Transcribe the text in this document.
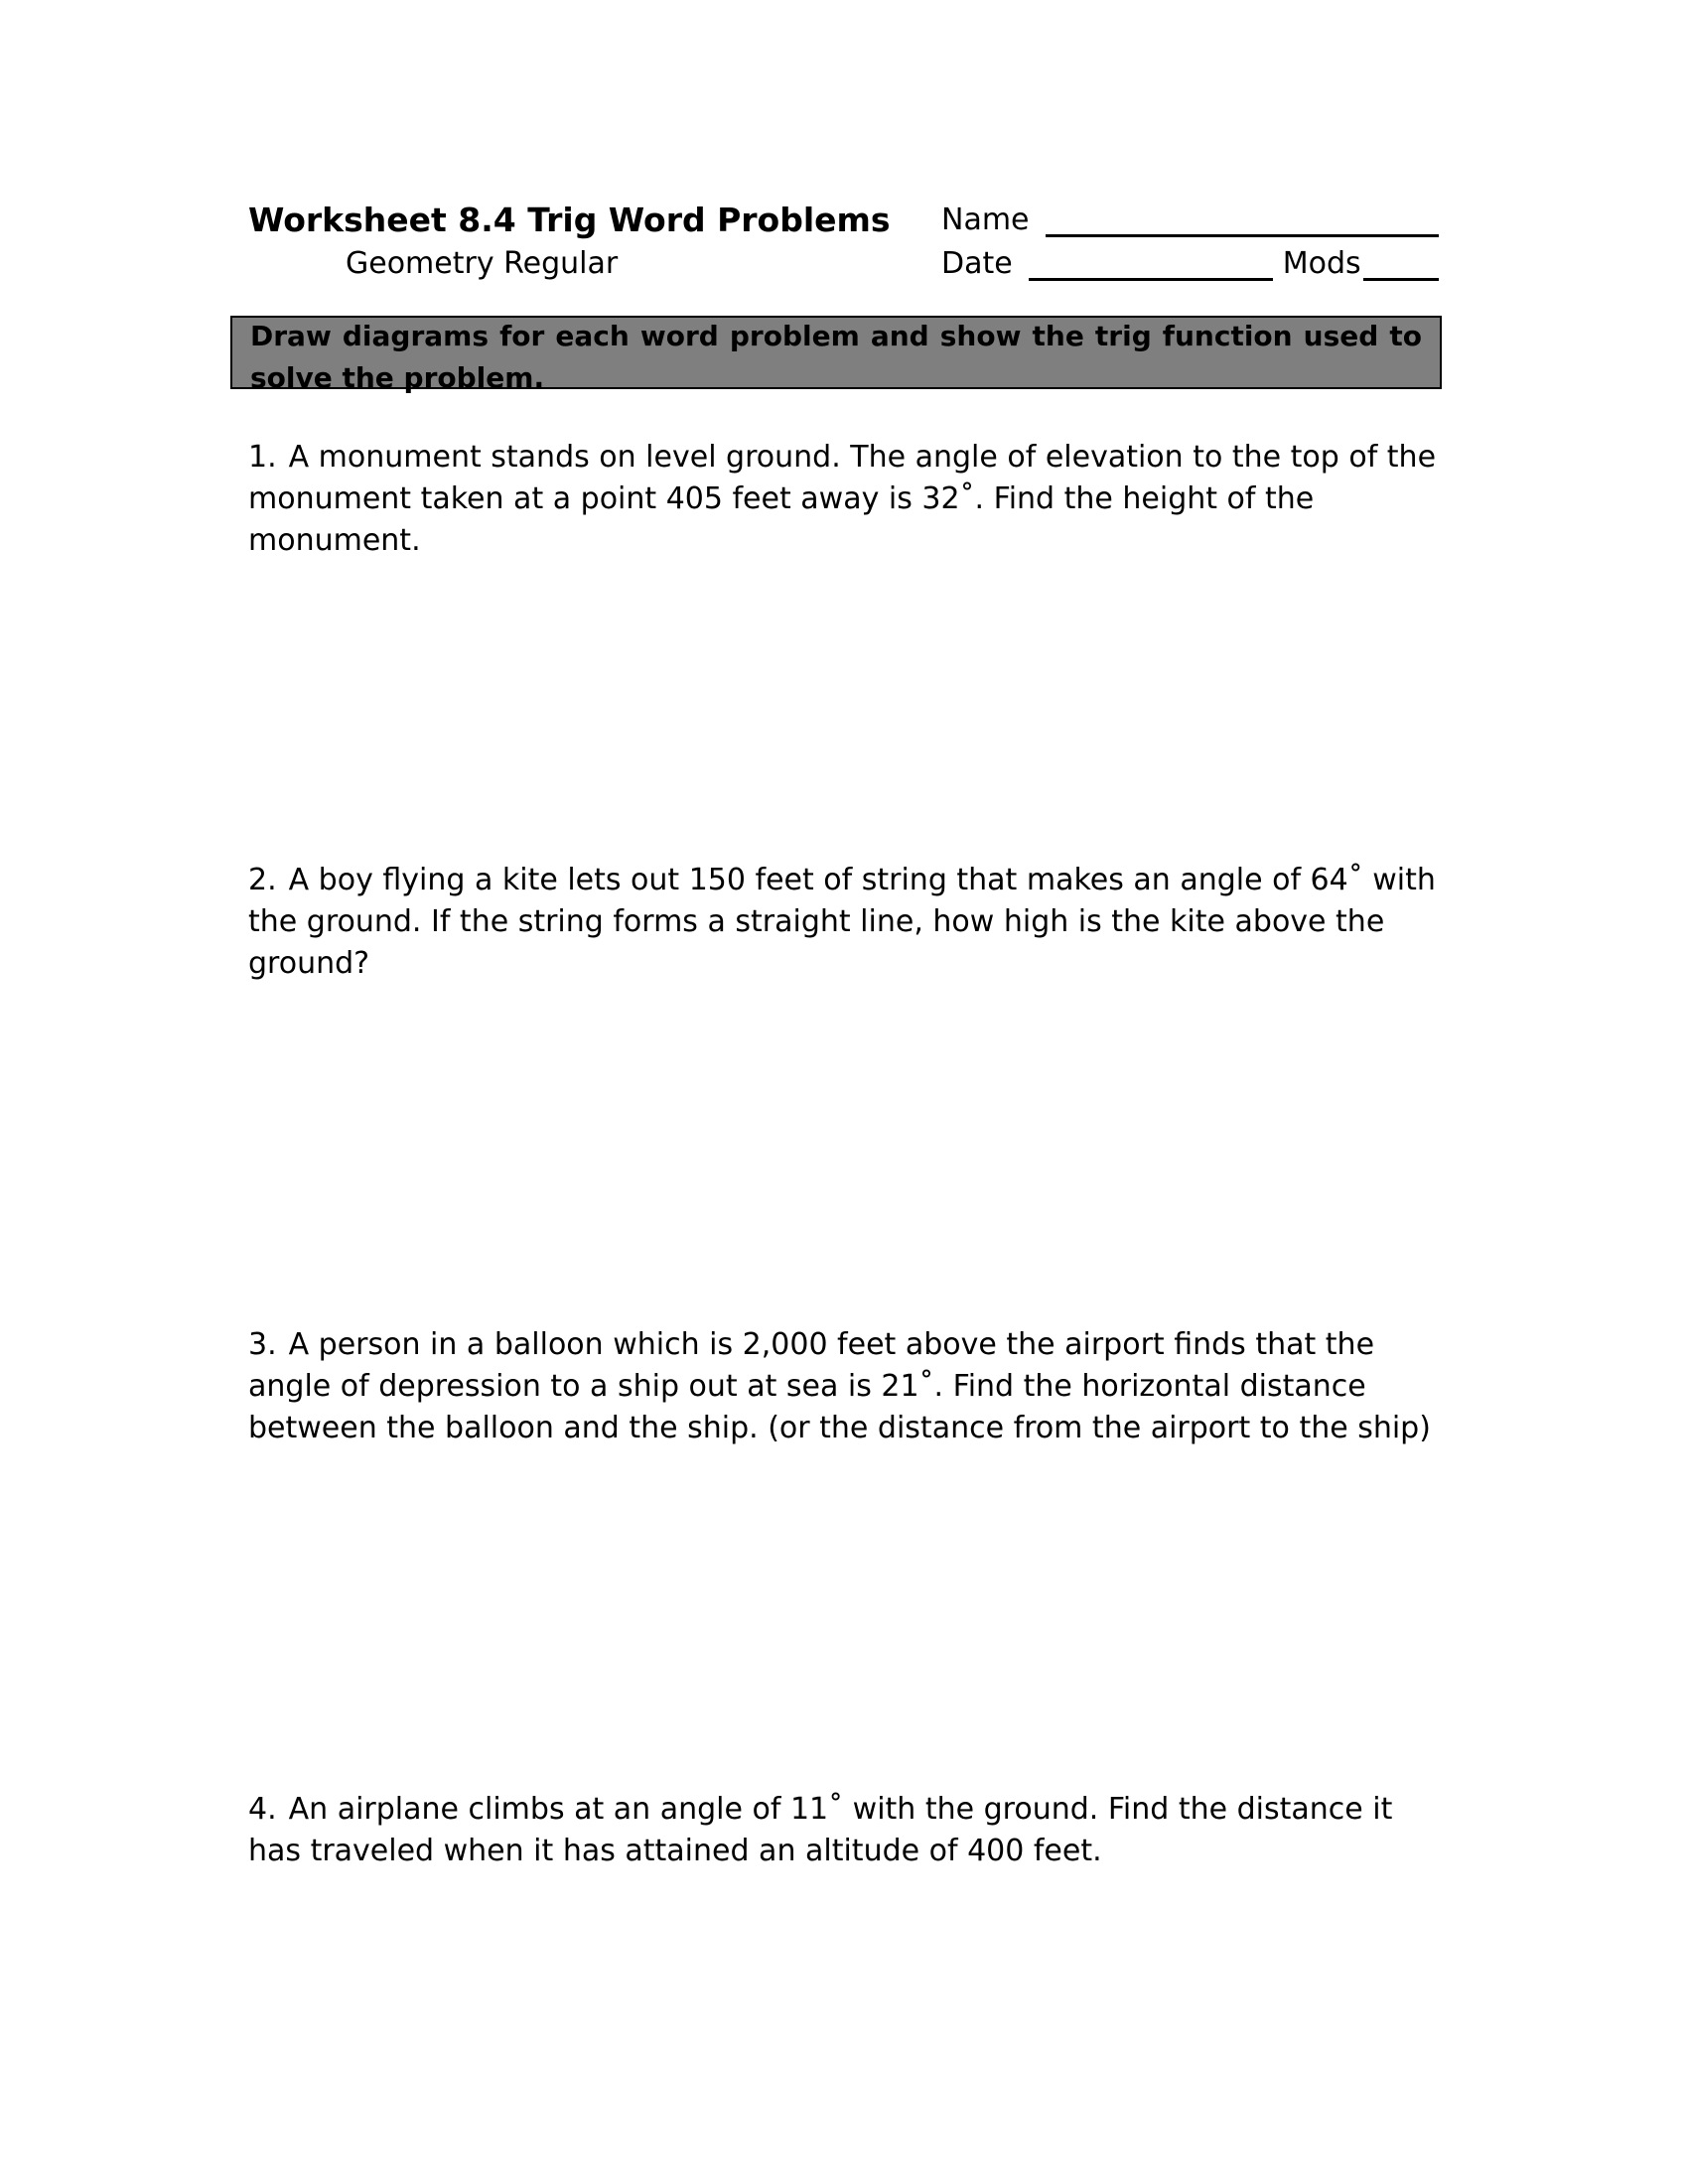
Worksheet 8.4 Trig Word Problems
Geometry Regular
Name
Date	Mods
Draw diagrams for each word problem and show the trig function used to solve the problem.
1. A monument stands on level ground. The angle of elevation to the top of the monument taken at a point 405 feet away is 32˚. Find the height of the monument.
2. A boy flying a kite lets out 150 feet of string that makes an angle of 64˚ with the ground. If the string forms a straight line, how high is the kite above the ground?
3. A person in a balloon which is 2,000 feet above the airport finds that the angle of depression to a ship out at sea is 21˚. Find the horizontal distance between the balloon and the ship. (or the distance from the airport to the ship)
4. An airplane climbs at an angle of 11˚ with the ground. Find the distance it has traveled when it has attained an altitude of 400 feet.
